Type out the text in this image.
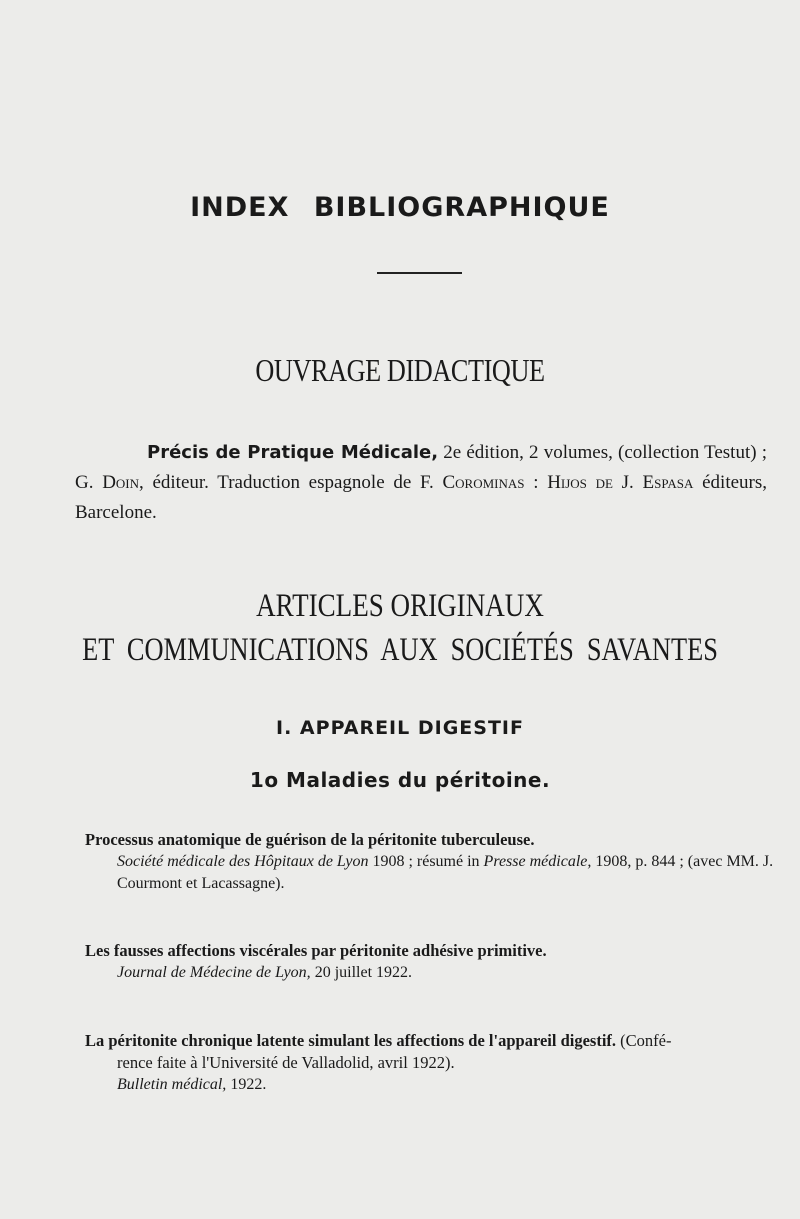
INDEX BIBLIOGRAPHIQUE
OUVRAGE DIDACTIQUE

Précis de Pratique Médicale, 2e édition, 2 volumes, (collection Testut) ; G. Doin, éditeur. Traduction espagnole de F. Corominas : Hijos de J. Espasa éditeurs, Barcelone.

ARTICLES ORIGINAUX
ET COMMUNICATIONS AUX SOCIÉTÉS SAVANTES
I. APPAREIL DIGESTIF
1o Maladies du péritoine.
Processus anatomique de guérison de la péritonite tuberculeuse.
Société médicale des Hôpitaux de Lyon 1908 ; résumé in Presse médicale, 1908, p. 844 ; (avec MM. J. Courmont et Lacassagne).
Les fausses affections viscérales par péritonite adhésive primitive.
Journal de Médecine de Lyon, 20 juillet 1922.
La péritonite chronique latente simulant les affections de l'appareil digestif. (Confé-
rence faite à l'Université de Valladolid, avril 1922).
Bulletin médical, 1922.
